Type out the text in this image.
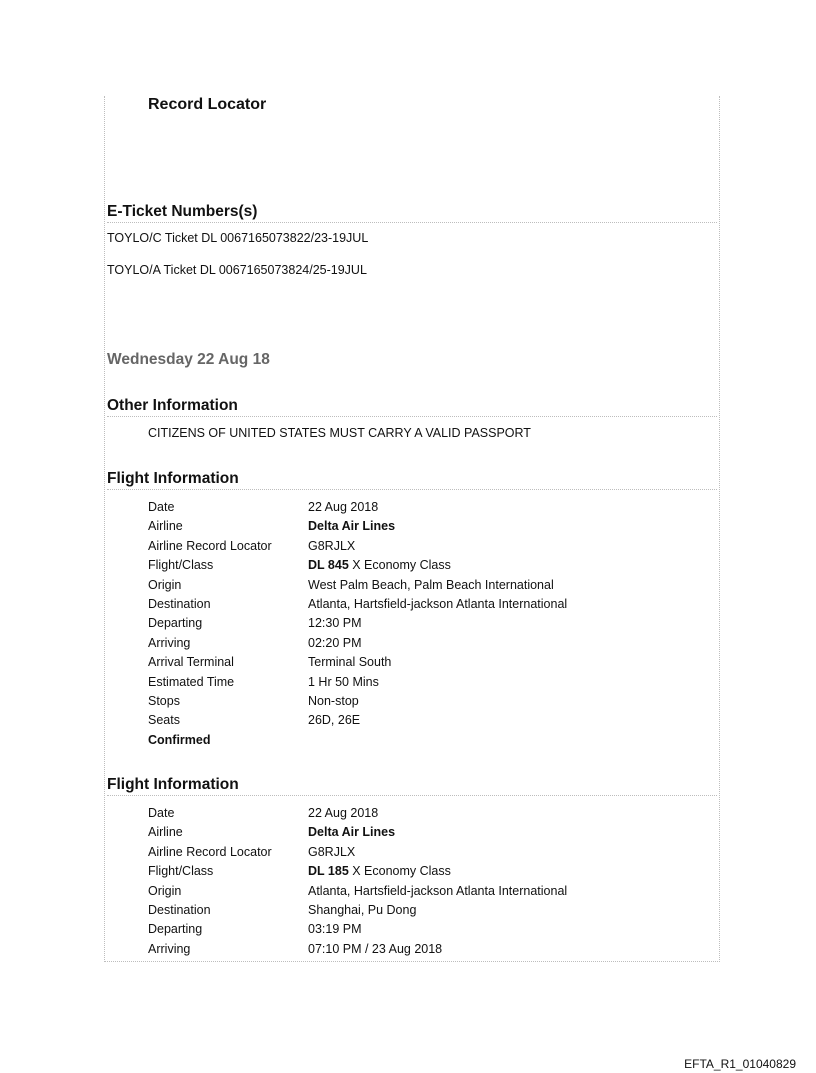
Record Locator
E-Ticket Numbers(s)
TOYLO/C Ticket DL 0067165073822/23-19JUL
TOYLO/A Ticket DL 0067165073824/25-19JUL
Wednesday 22 Aug 18
Other Information
CITIZENS OF UNITED STATES MUST CARRY A VALID PASSPORT
Flight Information
Date	22 Aug 2018
Airline	Delta Air Lines
Airline Record Locator	G8RJLX
Flight/Class	DL 845 X Economy Class
Origin	West Palm Beach, Palm Beach International
Destination	Atlanta, Hartsfield-jackson Atlanta International
Departing	12:30 PM
Arriving	02:20 PM
Arrival Terminal	Terminal South
Estimated Time	1 Hr 50 Mins
Stops	Non-stop
Seats	26D, 26E
Confirmed
Flight Information
Date	22 Aug 2018
Airline	Delta Air Lines
Airline Record Locator	G8RJLX
Flight/Class	DL 185 X Economy Class
Origin	Atlanta, Hartsfield-jackson Atlanta International
Destination	Shanghai, Pu Dong
Departing	03:19 PM
Arriving	07:10 PM / 23 Aug 2018
EFTA_R1_01040829
